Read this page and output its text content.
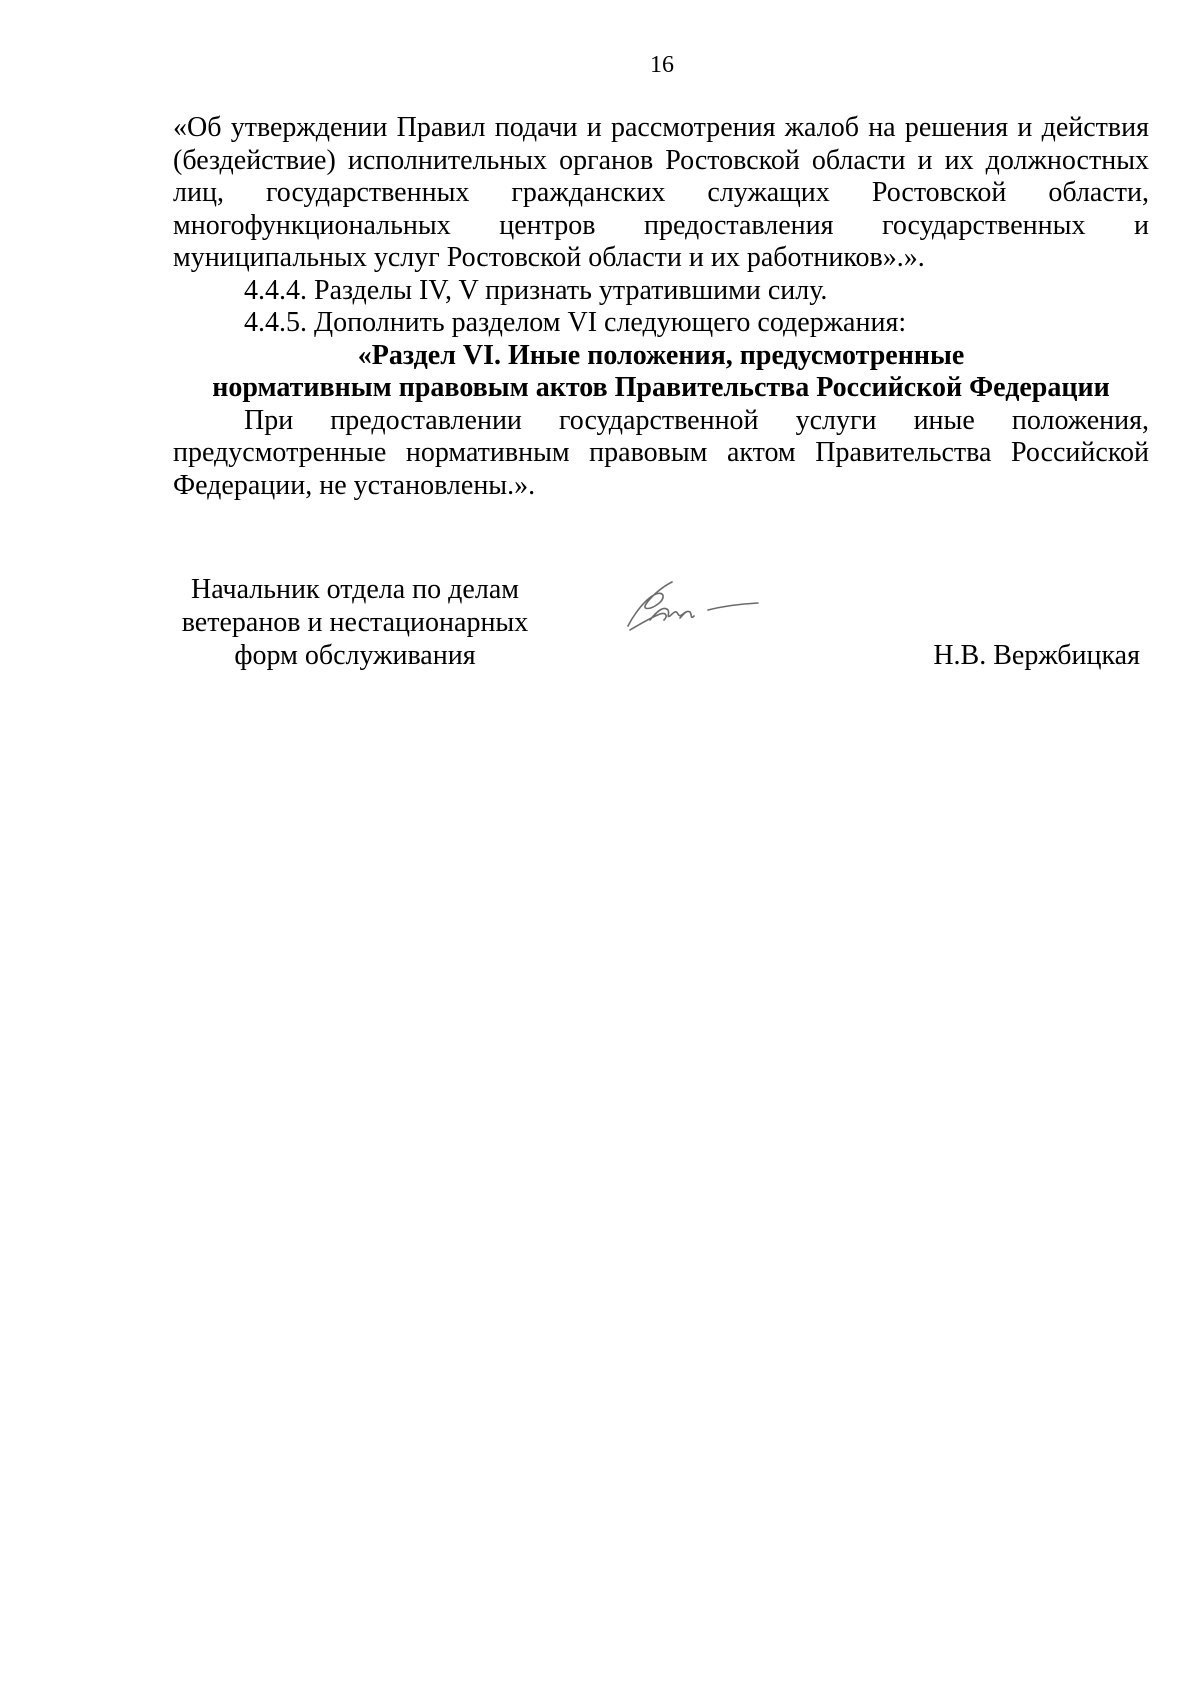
16

«Об утверждении Правил подачи и рассмотрения жалоб на решения и действия (бездействие) исполнительных органов Ростовской области и их должностных лиц, государственных гражданских служащих Ростовской области, многофункциональных центров предоставления государственных и муниципальных услуг Ростовской области и их работников».».

4.4.4. Разделы IV, V признать утратившими силу.

4.4.5. Дополнить разделом VI следующего содержания:

«Раздел VI. Иные положения, предусмотренные
нормативным правовым актов Правительства Российской Федерации

При предоставлении государственной услуги иные положения, предусмотренные нормативным правовым актом Правительства Российской Федерации, не установлены.».

Начальник отдела по делам
ветеранов и нестационарных
форм обслуживания	Н.В. Вержбицкая
